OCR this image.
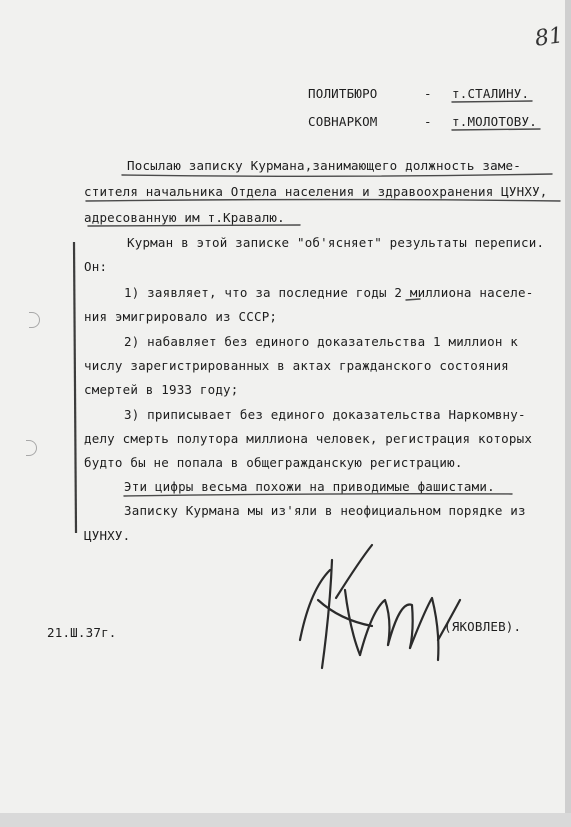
81
ПОЛИТБЮРО	- т.СТАЛИНУ.
СОВНАРКОМ	- т.МОЛОТОВУ.
Посылаю записку Курмана,занимающего должность заме-
стителя начальника Отдела населения и здравоохранения ЦУНХУ,
адресованную им т.Кравалю.
Курман в этой записке "об'ясняет" результаты переписи.
Он:
1) заявляет, что за последние годы 2 миллиона населе-
ния эмигрировало из СССР;
2) набавляет без единого доказательства 1 миллион к
числу зарегистрированных в актах гражданского состояния
смертей в 1933 году;
3) приписывает без единого доказательства Наркомвну-
делу смерть полутора миллиона человек, регистрация которых
будто бы не попала в общегражданскую регистрацию.
Эти цифры весьма похожи на приводимые фашистами.
Записку Курмана мы из'яли в неофициальном порядке из
ЦУНХУ.
21.Ш.37г.	(ЯКОВЛЕВ).
